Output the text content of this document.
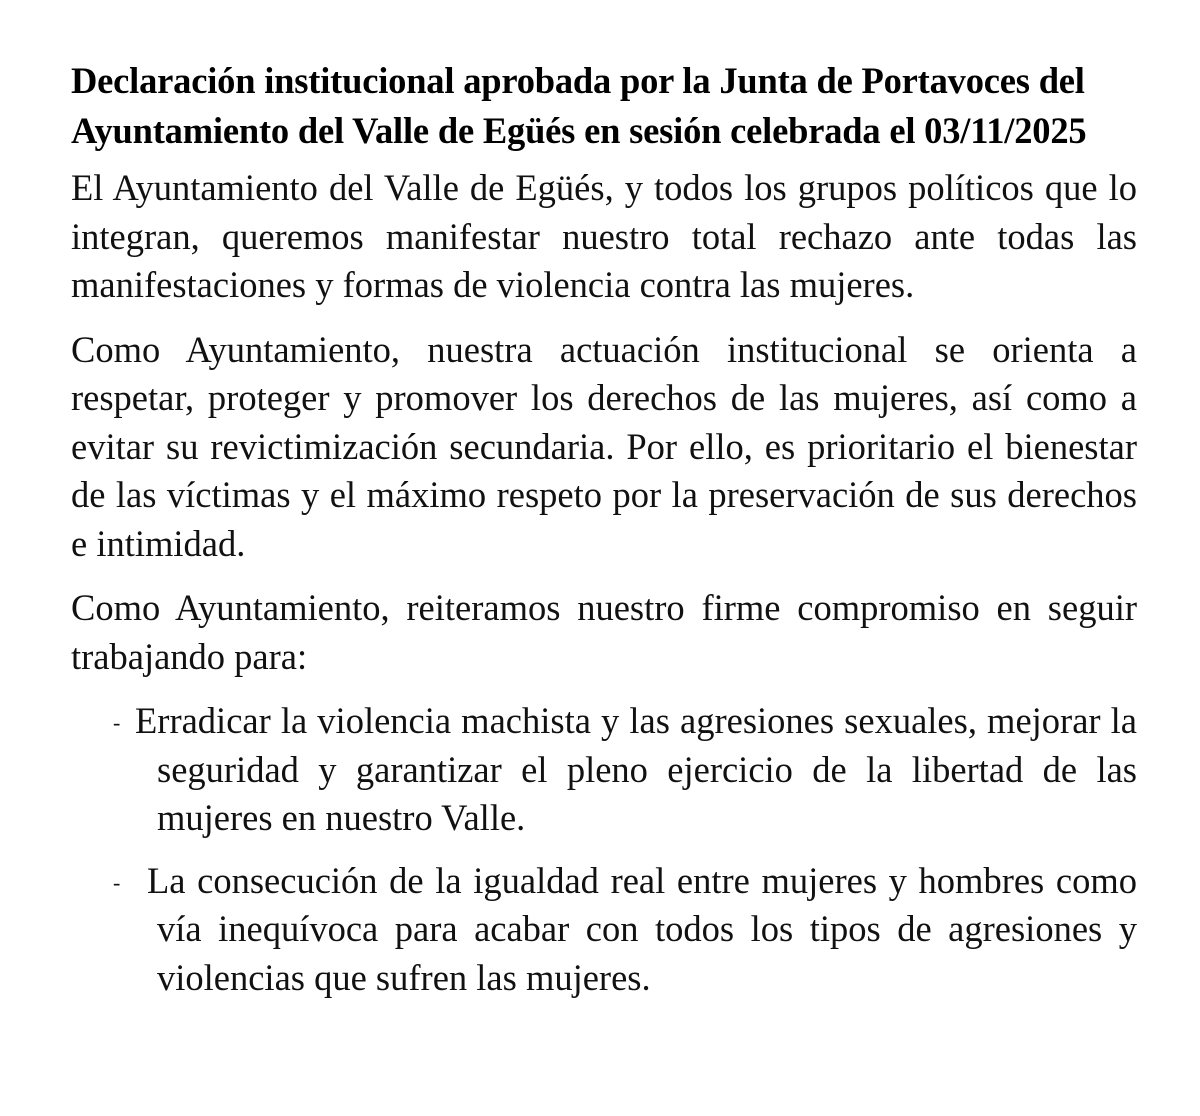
Declaración institucional aprobada por la Junta de Portavoces del Ayuntamiento del Valle de Egüés en sesión celebrada el 03/11/2025

El Ayuntamiento del Valle de Egüés, y todos los grupos políticos que lo integran, queremos manifestar nuestro total rechazo ante todas las manifestaciones y formas de violencia contra las mujeres.

Como Ayuntamiento, nuestra actuación institucional se orienta a respetar, proteger y promover los derechos de las mujeres, así como a evitar su revictimización secundaria. Por ello, es prioritario el bienestar de las víctimas y el máximo respeto por la preservación de sus derechos e intimidad.

Como Ayuntamiento, reiteramos nuestro firme compromiso en seguir trabajando para:

- Erradicar la violencia machista y las agresiones sexuales, mejorar la seguridad y garantizar el pleno ejercicio de la libertad de las mujeres en nuestro Valle.
- La consecución de la igualdad real entre mujeres y hombres como vía inequívoca para acabar con todos los tipos de agresiones y violencias que sufren las mujeres.
